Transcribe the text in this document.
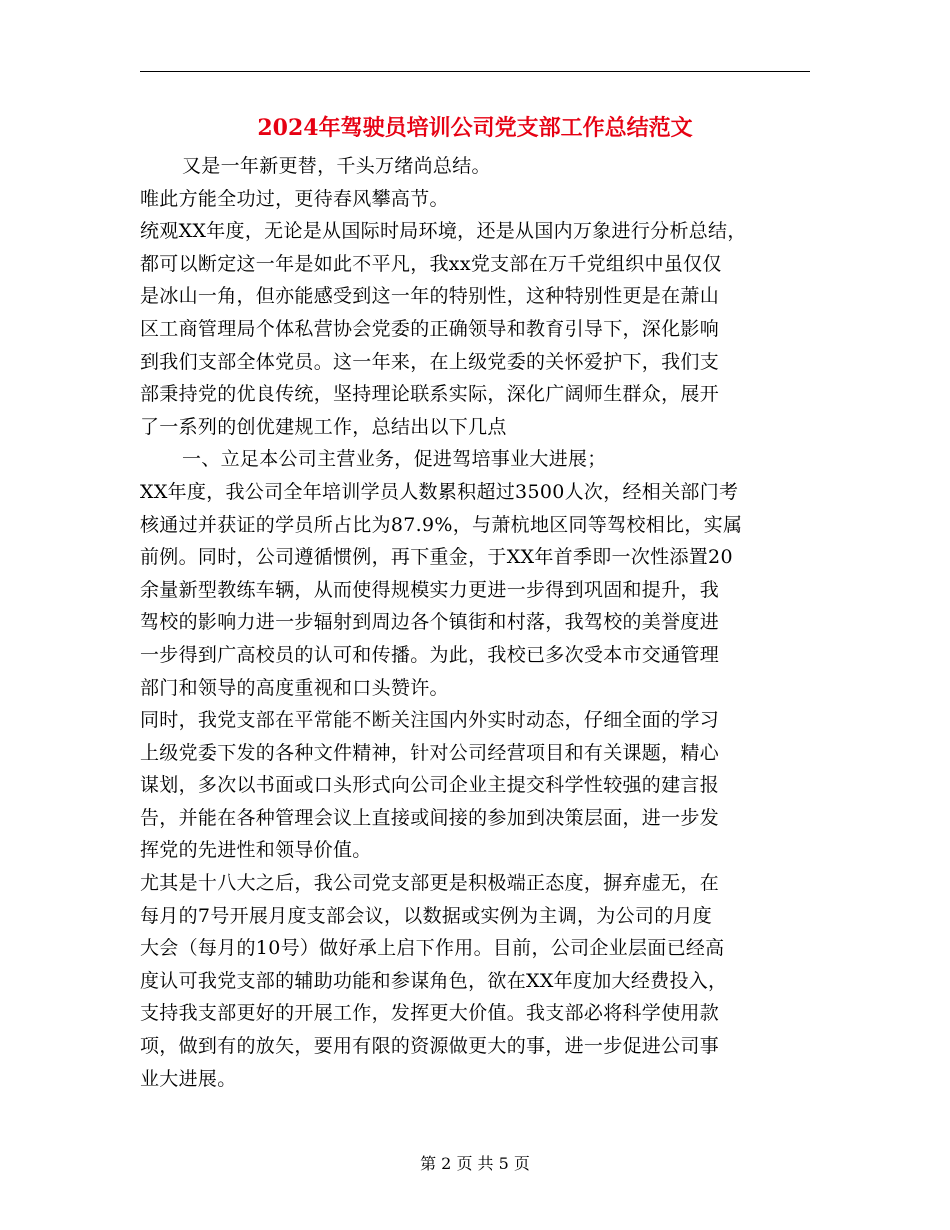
2024年驾驶员培训公司党支部工作总结范文
又是一年新更替，千头万绪尚总结。
唯此方能全功过，更待春风攀高节。
统观XX年度，无论是从国际时局环境，还是从国内万象进行分析总结，
都可以断定这一年是如此不平凡，我xx党支部在万千党组织中虽仅仅
是冰山一角，但亦能感受到这一年的特别性，这种特别性更是在萧山
区工商管理局个体私营协会党委的正确领导和教育引导下，深化影响
到我们支部全体党员。这一年来，在上级党委的关怀爱护下，我们支
部秉持党的优良传统，坚持理论联系实际，深化广阔师生群众，展开
了一系列的创优建规工作，总结出以下几点
一、立足本公司主营业务，促进驾培事业大进展；
XX年度，我公司全年培训学员人数累积超过3500人次，经相关部门考
核通过并获证的学员所占比为87.9%，与萧杭地区同等驾校相比，实属
前例。同时，公司遵循惯例，再下重金，于XX年首季即一次性添置20
余量新型教练车辆，从而使得规模实力更进一步得到巩固和提升，我
驾校的影响力进一步辐射到周边各个镇街和村落，我驾校的美誉度进
一步得到广高校员的认可和传播。为此，我校已多次受本市交通管理
部门和领导的高度重视和口头赞许。
同时，我党支部在平常能不断关注国内外实时动态，仔细全面的学习
上级党委下发的各种文件精神，针对公司经营项目和有关课题，精心
谋划，多次以书面或口头形式向公司企业主提交科学性较强的建言报
告，并能在各种管理会议上直接或间接的参加到决策层面，进一步发
挥党的先进性和领导价值。
尤其是十八大之后，我公司党支部更是积极端正态度，摒弃虚无，在
每月的7号开展月度支部会议，以数据或实例为主调，为公司的月度
大会（每月的10号）做好承上启下作用。目前，公司企业层面已经高
度认可我党支部的辅助功能和参谋角色，欲在XX年度加大经费投入，
支持我支部更好的开展工作，发挥更大价值。我支部必将科学使用款
项，做到有的放矢，要用有限的资源做更大的事，进一步促进公司事
业大进展。
第 2 页 共 5 页
